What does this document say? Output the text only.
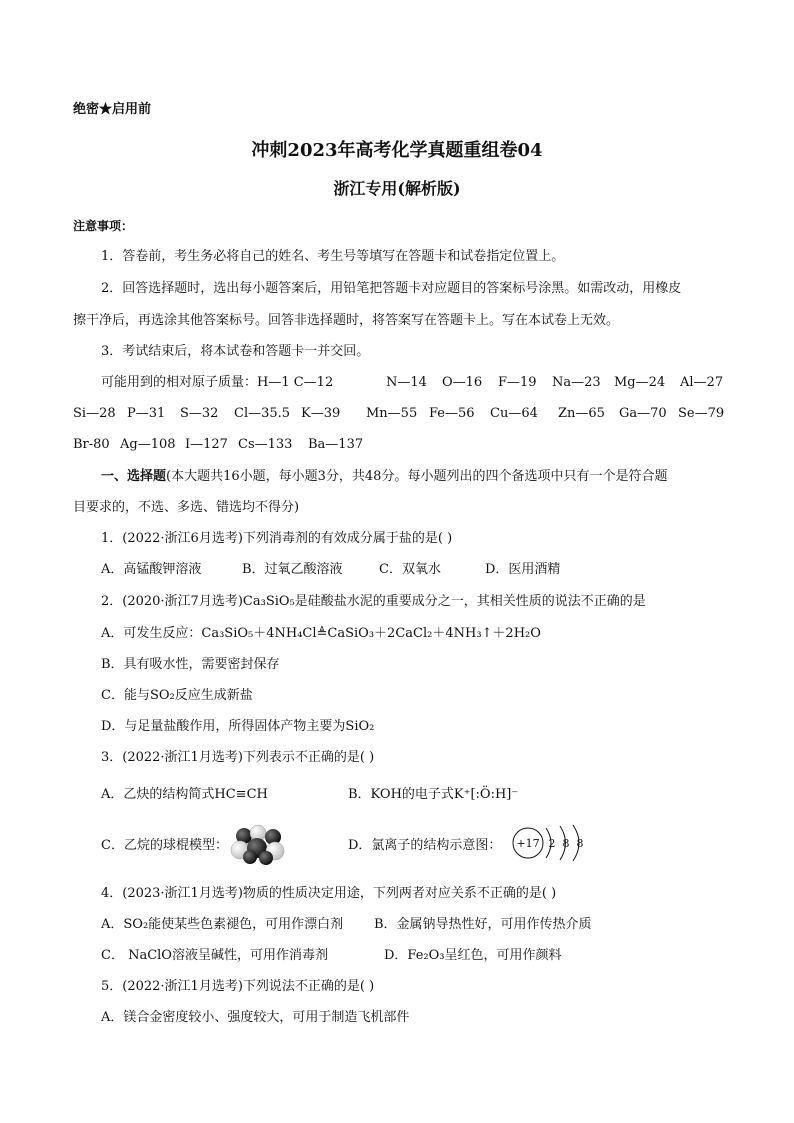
绝密★启用前
冲刺2023年高考化学真题重组卷04
浙江专用(解析版)
注意事项：
1．答卷前，考生务必将自己的姓名、考生号等填写在答题卡和试卷指定位置上。
2．回答选择题时，选出每小题答案后，用铅笔把答题卡对应题目的答案标号涂黑。如需改动，用橡皮
擦干净后，再选涂其他答案标号。回答非选择题时，将答案写在答题卡上。写在本试卷上无效。
3．考试结束后，将本试卷和答题卡一并交回。
可能用到的相对原子质量：H—1 C—12	N—14 O—16 F—19 Na—23 Mg—24 Al—27
Si—28 P—31 S—32 Cl—35.5 K—39 Mn—55 Fe—56 Cu—64 Zn—65 Ga—70 Se—79
Br-80 Ag—108 I—127 Cs—133 Ba—137
一、选择题(本大题共16小题，每小题3分，共48分。每小题列出的四个备选项中只有一个是符合题
目要求的，不选、多选、错选均不得分)
1．(2022·浙江6月选考)下列消毒剂的有效成分属于盐的是( )
A．高锰酸钾溶液	B．过氧乙酸溶液	C．双氧水	D．医用酒精
2．(2020·浙江7月选考)Ca₃SiO₅是硅酸盐水泥的重要成分之一，其相关性质的说法不正确的是
A．可发生反应：Ca₃SiO₅＋4NH₄Cl≜CaSiO₃＋2CaCl₂＋4NH₃↑＋2H₂O
B．具有吸水性，需要密封保存
C．能与SO₂反应生成新盐
D．与足量盐酸作用，所得固体产物主要为SiO₂
3．(2022·浙江1月选考)下列表示不正确的是( )
A．乙炔的结构简式HC≡CH	B．KOH的电子式K⁺[:Ö:H]⁻
C．乙烷的球棍模型：	D．氯离子的结构示意图： +17 2 8 8
4．(2023·浙江1月选考)物质的性质决定用途，下列两者对应关系不正确的是( )
A．SO₂能使某些色素褪色，可用作漂白剂 B．金属钠导热性好，可用作传热介质
C． NaClO溶液呈碱性，可用作消毒剂	D．Fe₂O₃呈红色，可用作颜料
5．(2022·浙江1月选考)下列说法不正确的是( )
A．镁合金密度较小、强度较大，可用于制造飞机部件
